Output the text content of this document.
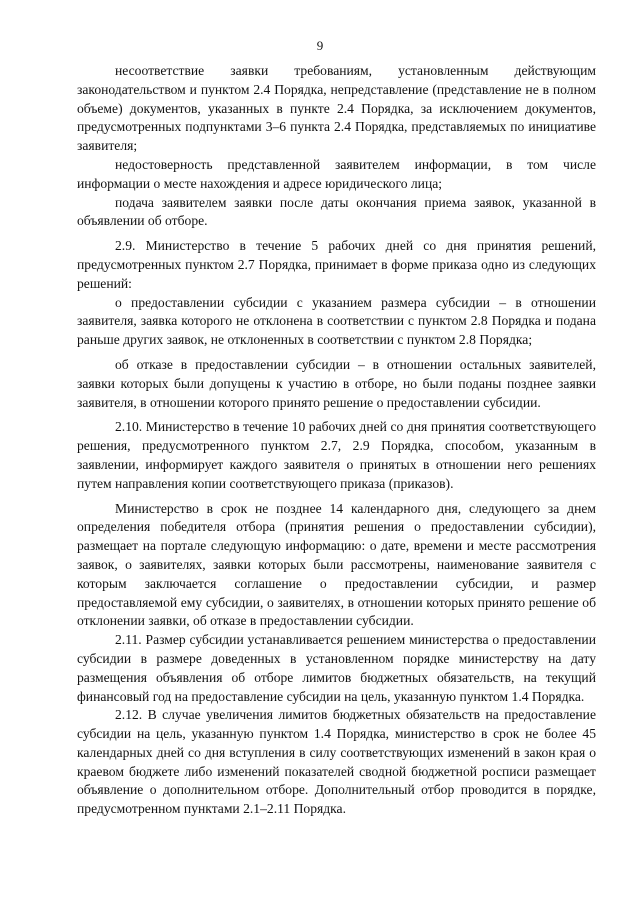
9

несоответствие заявки требованиям, установленным действующим законодательством и пунктом 2.4 Порядка, непредставление (представление не в полном объеме) документов, указанных в пункте 2.4 Порядка, за исключением документов, предусмотренных подпунктами 3–6 пункта 2.4 Порядка, представляемых по инициативе заявителя;

недостоверность представленной заявителем информации, в том числе информации о месте нахождения и адресе юридического лица;

подача заявителем заявки после даты окончания приема заявок, указанной в объявлении об отборе.

2.9. Министерство в течение 5 рабочих дней со дня принятия решений, предусмотренных пунктом 2.7 Порядка, принимает в форме приказа одно из следующих решений:

о предоставлении субсидии с указанием размера субсидии – в отношении заявителя, заявка которого не отклонена в соответствии с пунктом 2.8 Порядка и подана раньше других заявок, не отклоненных в соответствии с пунктом 2.8 Порядка;

об отказе в предоставлении субсидии – в отношении остальных заявителей, заявки которых были допущены к участию в отборе, но были поданы позднее заявки заявителя, в отношении которого принято решение о предоставлении субсидии.

2.10. Министерство в течение 10 рабочих дней со дня принятия соответствующего решения, предусмотренного пунктом 2.7, 2.9 Порядка, способом, указанным в заявлении, информирует каждого заявителя о принятых в отношении него решениях путем направления копии соответствующего приказа (приказов).

Министерство в срок не позднее 14 календарного дня, следующего за днем определения победителя отбора (принятия решения о предоставлении субсидии), размещает на портале следующую информацию: о дате, времени и месте рассмотрения заявок, о заявителях, заявки которых были рассмотрены, наименование заявителя с которым заключается соглашение о предоставлении субсидии, и размер предоставляемой ему субсидии, о заявителях, в отношении которых принято решение об отклонении заявки, об отказе в предоставлении субсидии.

2.11. Размер субсидии устанавливается решением министерства о предоставлении субсидии в размере доведенных в установленном порядке министерству на дату размещения объявления об отборе лимитов бюджетных обязательств, на текущий финансовый год на предоставление субсидии на цель, указанную пунктом 1.4 Порядка.

2.12. В случае увеличения лимитов бюджетных обязательств на предоставление субсидии на цель, указанную пунктом 1.4 Порядка, министерство в срок не более 45 календарных дней со дня вступления в силу соответствующих изменений в закон края о краевом бюджете либо изменений показателей сводной бюджетной росписи размещает объявление о дополнительном отборе. Дополнительный отбор проводится в порядке, предусмотренном пунктами 2.1–2.11 Порядка.
